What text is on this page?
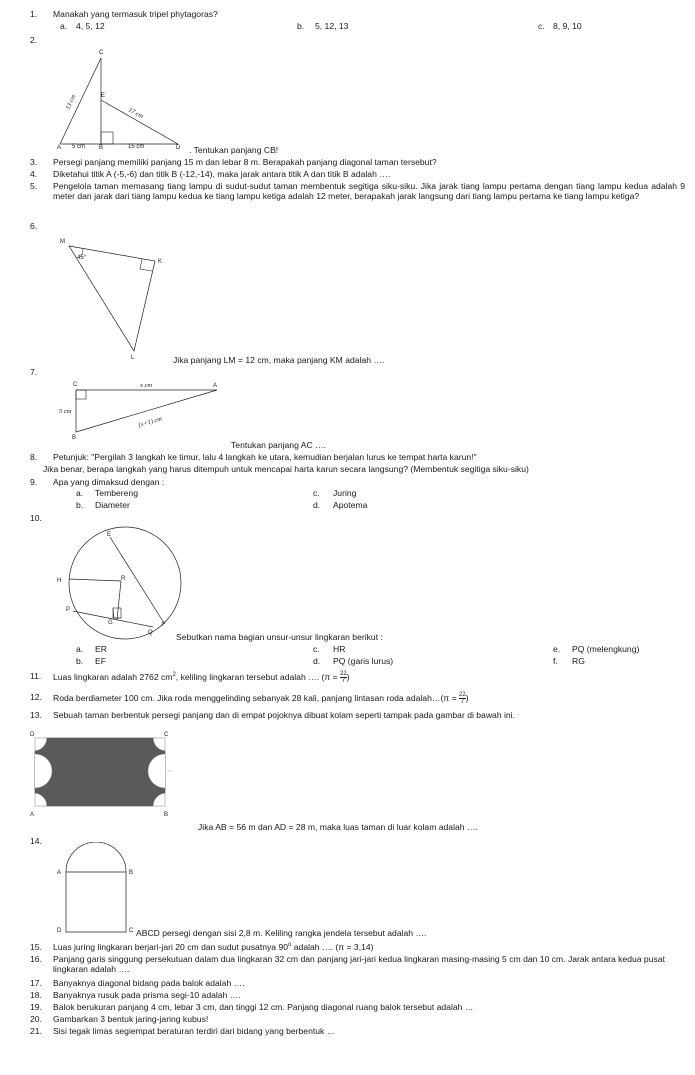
1. Manakah yang termasuk tripel phytagoras?
a. 4, 5, 12	b. 5, 12, 13	c. 8, 9, 10
2.
C
E
A	B	D
13 cm
17 cm
5 cm	15 cm	. Tentukan panjang CB!
3. Persegi panjang memiliki panjang 15 m dan lebar 8 m. Berapakah panjang diagonal taman tersebut?
4. Diketahui titik A (-5,-6) dan titik B (-12,-14), maka jarak antara titik A dan titik B adalah ….
5. Pengelola taman memasang tiang lampu di sudut-sudut taman membentuk segitiga siku-siku. Jika jarak tiang lampu pertama dengan tiang lampu kedua adalah 9 meter dan jarak dari tiang lampu kedua ke tiang lampu ketiga adalah 12 meter, berapakah jarak langsung dari tiang lampu pertama ke tiang lampu ketiga?
6.
M
K
L
45°
Jika panjang LM = 12 cm, maka panjang KM adalah ….
7.
C	A
B
x cm
5 cm
(x+1) cm
Tentukan panjang AC ….
8. Petunjuk: "Pergilah 3 langkah ke timur, lalu 4 langkah ke utara, kemudian berjalan lurus ke tempat harta karun!"
Jika benar, berapa langkah yang harus ditempuh untuk mencapai harta karun secara langsung? (Membentuk segitiga siku-siku)
9. Apa yang dimaksud dengan :
a. Tembereng
b. Diameter
c. Juring
d. Apotema
10.
E
H	R
P
G	F
Q	Sebutkan nama bagian unsur-unsur lingkaran berikut :
a. ER
b. EF
c. HR
d. PQ (garis lurus)
e. PQ (melengkung)
f. RG
11. Luas lingkaran adalah 2762 $cm^2$, keliling lingkaran tersebut adalah …. ($\pi = \frac{22}{7}$ )
12. Roda berdiameter 100 cm. Jika roda menggelinding sebanyak 28 kali, panjang lintasan roda adalah…(π = $\frac{22}{7}$ )
13. Sebuah taman berbentuk persegi panjang dan di empat pojoknya dibuat kolam seperti tampak pada gambar di bawah ini.
D	C
A	B
Jika AB = 56 m dan AD = 28 m, maka luas taman di luar kolam adalah ….
14.
A	B
C
D	ABCD persegi dengan sisi 2,8 m. Keliling rangka jendela tersebut adalah ….
15. Luas juring lingkaran berjari-jari 20 cm dan sudut pusatnya 90$^o$ adalah …. (π = 3,14)
16. Panjang garis singgung persekutuan dalam dua lingkaran 32 cm dan panjang jari-jari kedua lingkaran masing-masing 5 cm dan 10 cm. Jarak antara kedua pusat lingkaran adalah ….
17. Banyaknya diagonal bidang pada balok adalah ….
18. Banyaknya rusuk pada prisma segi-10 adalah ….
19. Balok berukuran panjang 4 cm, lebar 3 cm, dan tinggi 12 cm. Panjang diagonal ruang balok tersebut adalah …
20. Gambarkan 3 bentuk jaring-jaring kubus!
21. Sisi tegak limas segiempat beraturan terdiri dari bidang yang berbentuk …
